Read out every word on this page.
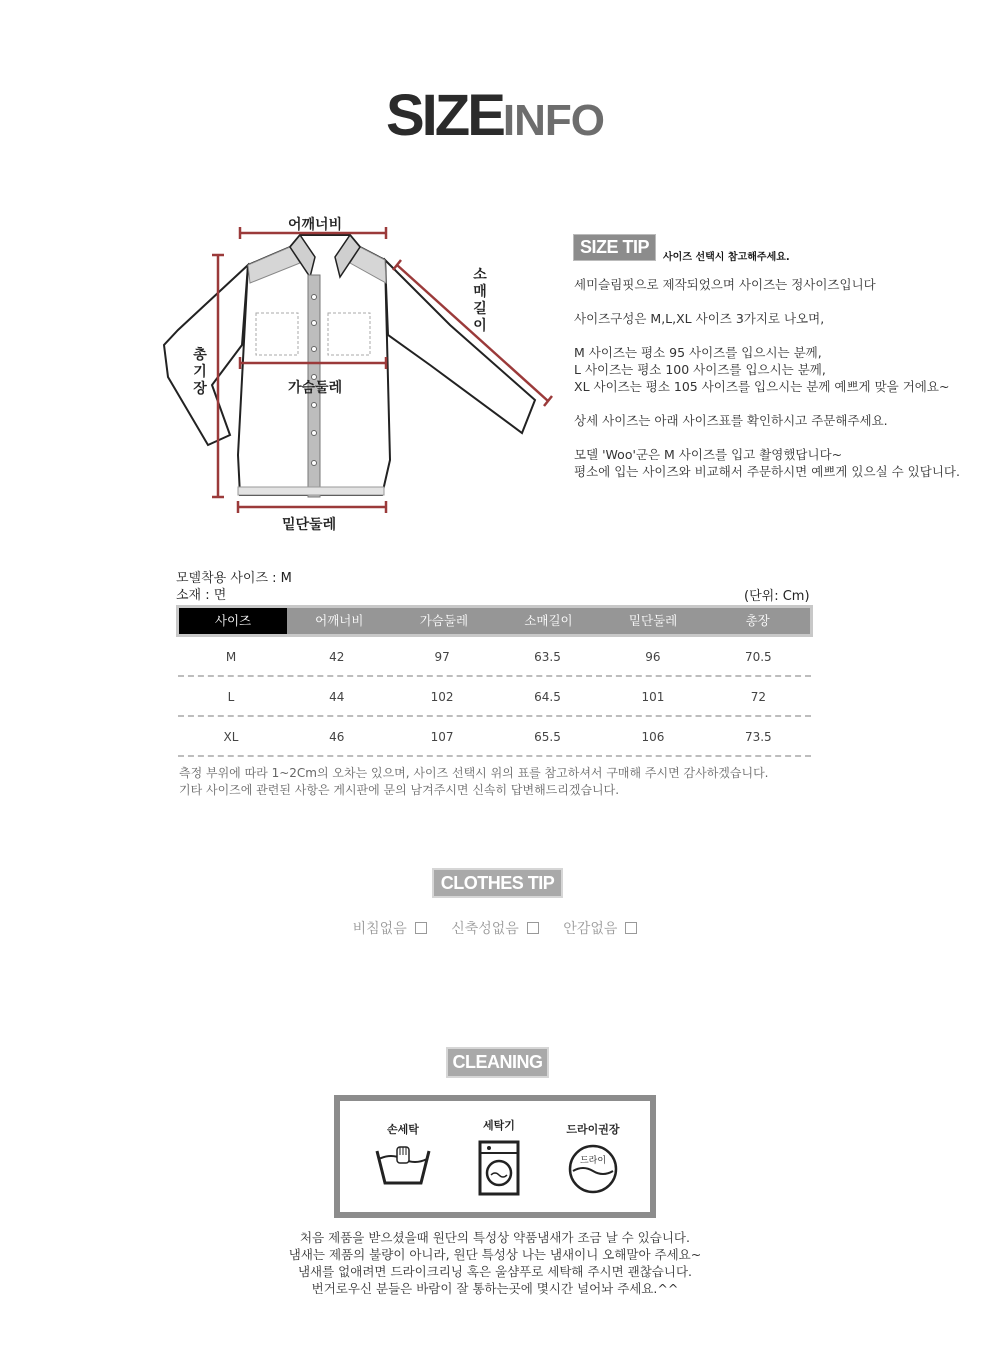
SIZEINFO
어깨너비
소매길이
총기장	가슴둘레
밑단둘레
SIZE TIP
사이즈 선택시 참고해주세요.

세미슬림핏으로 제작되었으며 사이즈는 정사이즈입니다

사이즈구성은 M,L,XL 사이즈 3가지로 나오며,

M 사이즈는 평소 95 사이즈를 입으시는 분께,

L 사이즈는 평소 100 사이즈를 입으시는 분께,

XL 사이즈는 평소 105 사이즈를 입으시는 분께 예쁘게 맞을 거에요~

상세 사이즈는 아래 사이즈표를 확인하시고 주문해주세요.

모델 'Woo'군은 M 사이즈를 입고 촬영했답니다~

평소에 입는 사이즈와 비교해서 주문하시면 예쁘게 있으실 수 있답니다.

모델착용 사이즈 : M
소재 : 면	(단위: Cm)
사이즈	어깨너비	가슴둘레	소매길이	밑단둘레	총장
M	42	97	63.5	96	70.5
L	44	102	64.5	101	72
XL	46	107	65.5	106	73.5
측정 부위에 따라 1~2Cm의 오차는 있으며, 사이즈 선택시 위의 표를 참고하셔서 구매해 주시면 감사하겠습니다.
기타 사이즈에 관련된 사항은 게시판에 문의 남겨주시면 신속히 답변해드리겠습니다.
CLOTHES TIP
비침없음	신축성없음	안감없음
CLEANING
손세탁	세탁기	드라이권장
드라이
처음 제품을 받으셨을때 원단의 특성상 약품냄새가 조금 날 수 있습니다.
냄새는 제품의 불량이 아니라, 원단 특성상 나는 냄새이니 오해말아 주세요~
냄새를 없애려면 드라이크리닝 혹은 울샴푸로 세탁해 주시면 괜찮습니다.
번거로우신 분들은 바람이 잘 통하는곳에 몇시간 널어놔 주세요.^^
